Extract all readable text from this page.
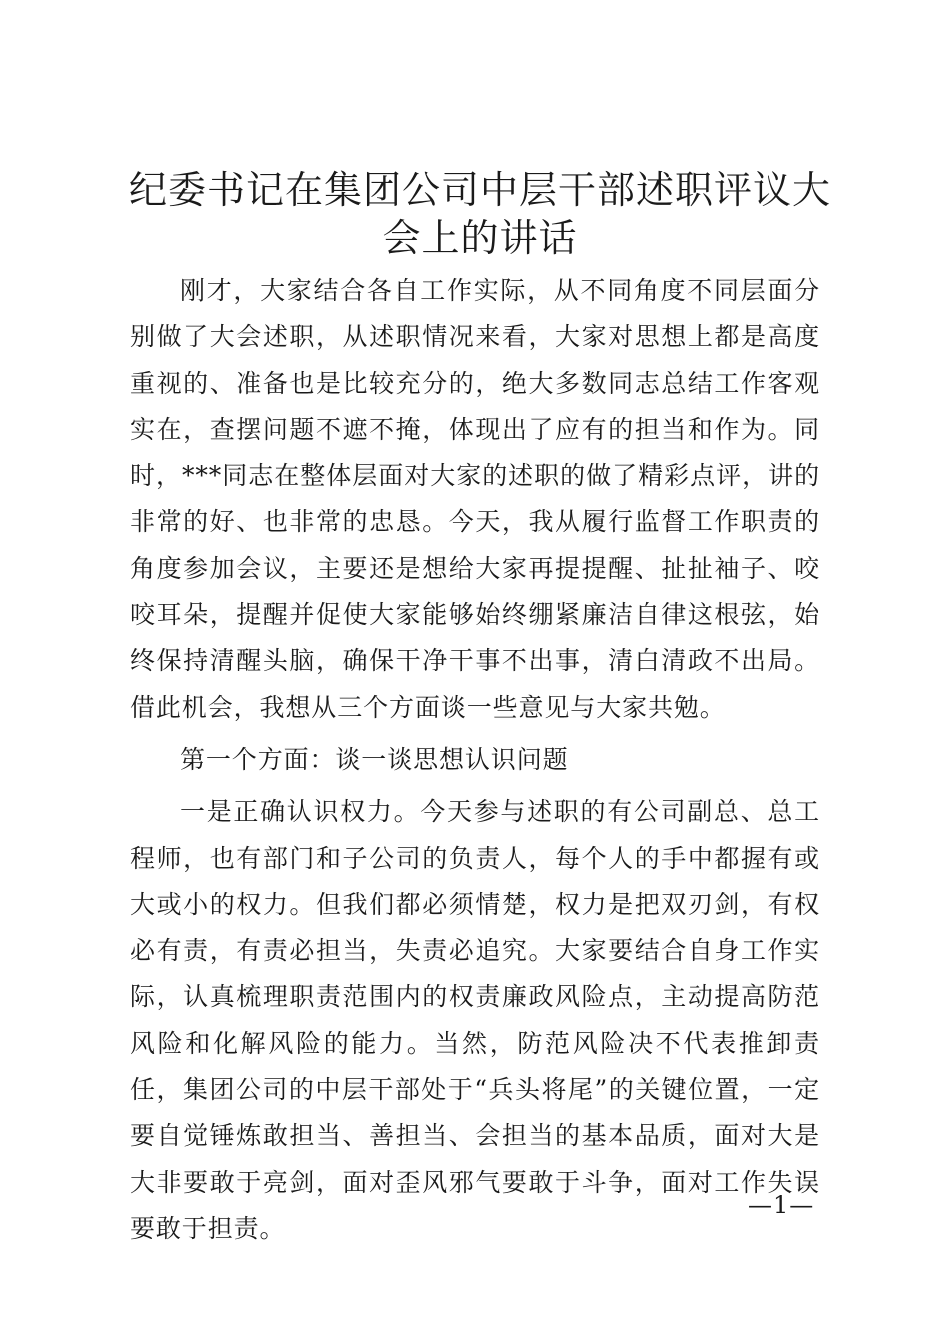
纪委书记在集团公司中层干部述职评议大会上的讲话

刚才，大家结合各自工作实际，从不同角度不同层面分别做了大会述职，从述职情况来看，大家对思想上都是高度重视的、准备也是比较充分的，绝大多数同志总结工作客观实在，查摆问题不遮不掩，体现出了应有的担当和作为。同时，***同志在整体层面对大家的述职的做了精彩点评，讲的非常的好、也非常的忠恳。今天，我从履行监督工作职责的角度参加会议，主要还是想给大家再提提醒、扯扯袖子、咬咬耳朵，提醒并促使大家能够始终绷紧廉洁自律这根弦，始终保持清醒头脑，确保干净干事不出事，清白清政不出局。借此机会，我想从三个方面谈一些意见与大家共勉。

第一个方面：谈一谈思想认识问题

一是正确认识权力。今天参与述职的有公司副总、总工程师，也有部门和子公司的负责人，每个人的手中都握有或大或小的权力。但我们都必须情楚，权力是把双刃剑，有权必有责，有责必担当，失责必追究。大家要结合自身工作实际，认真梳理职责范围内的权责廉政风险点，主动提高防范风险和化解风险的能力。当然，防范风险决不代表推卸责任，集团公司的中层干部处于“兵头将尾”的关键位置，一定要自觉锤炼敢担当、善担当、会担当的基本品质，面对大是大非要敢于亮剑，面对歪风邪气要敢于斗争，面对工作失误要敢于担责。

—1—
